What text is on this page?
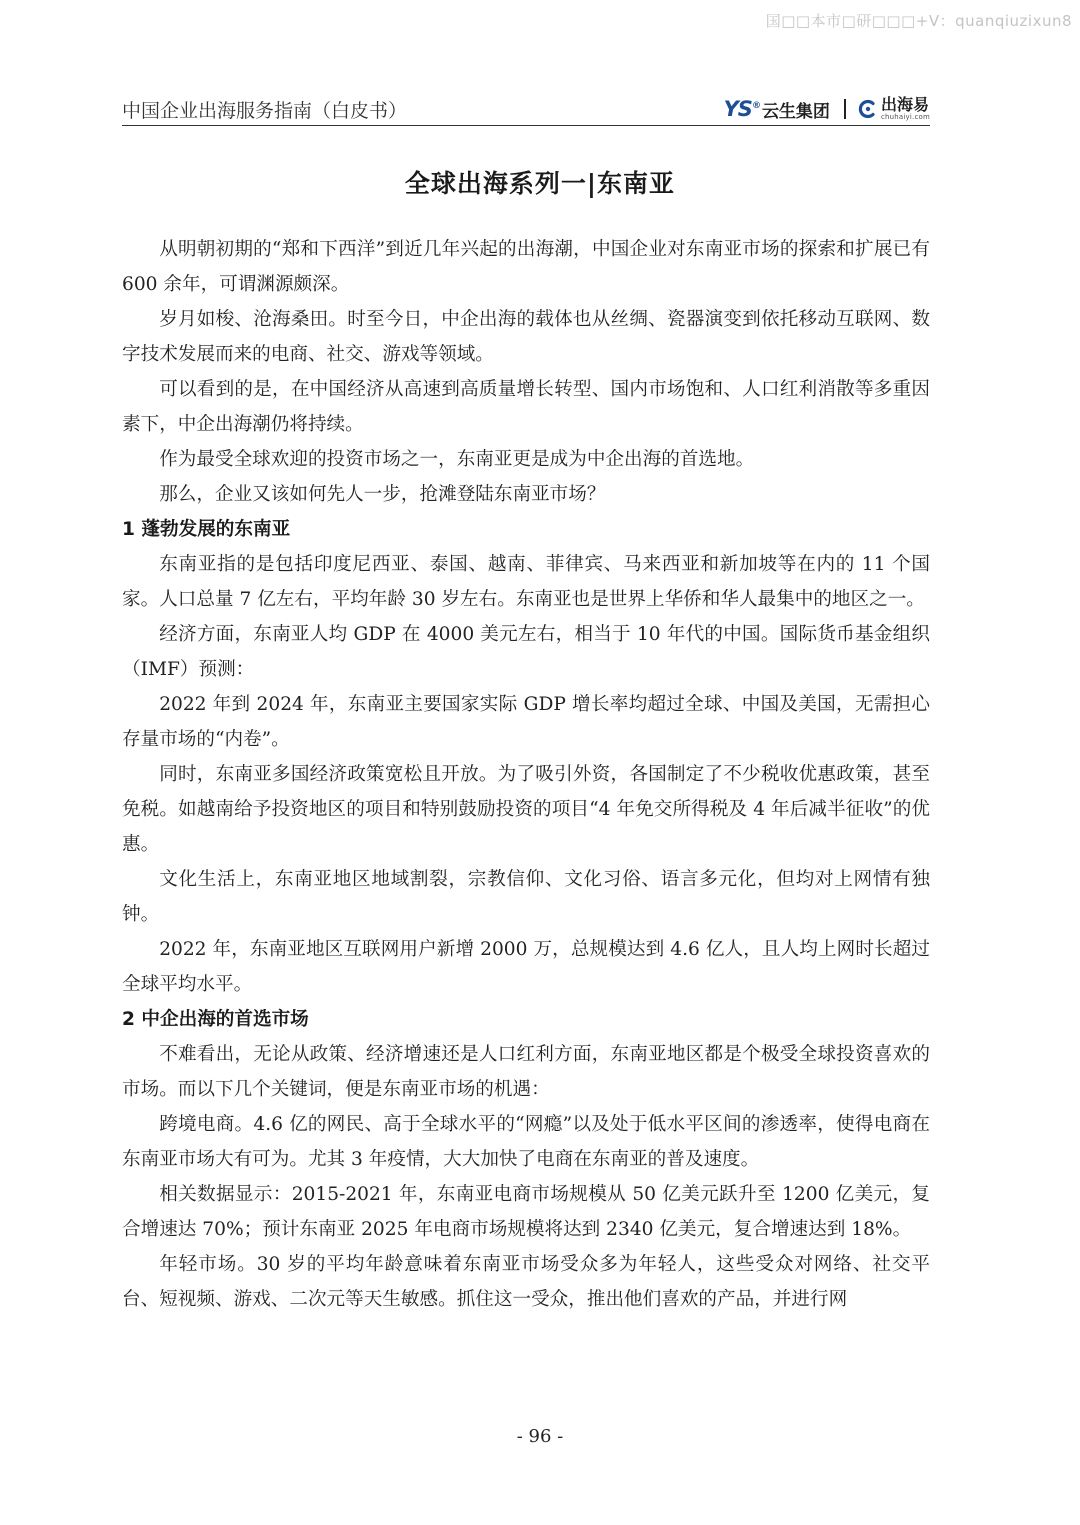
国□□本市□研□□□+V：quanqiuzixun8
中国企业出海服务指南（白皮书）	YS® 云生集团	出海易
chuhaiyi.com
全球出海系列一|东南亚

从明朝初期的“郑和下西洋”到近几年兴起的出海潮，中国企业对东南亚市场的探索和扩展已有 600 余年，可谓渊源颇深。

岁月如梭、沧海桑田。时至今日，中企出海的载体也从丝绸、瓷器演变到依托移动互联网、数字技术发展而来的电商、社交、游戏等领域。

可以看到的是，在中国经济从高速到高质量增长转型、国内市场饱和、人口红利消散等多重因素下，中企出海潮仍将持续。

作为最受全球欢迎的投资市场之一，东南亚更是成为中企出海的首选地。

那么，企业又该如何先人一步，抢滩登陆东南亚市场？

1 蓬勃发展的东南亚

东南亚指的是包括印度尼西亚、泰国、越南、菲律宾、马来西亚和新加坡等在内的 11 个国家。人口总量 7 亿左右，平均年龄 30 岁左右。东南亚也是世界上华侨和华人最集中的地区之一。

经济方面，东南亚人均 GDP 在 4000 美元左右，相当于 10 年代的中国。国际货币基金组织（IMF）预测：

2022 年到 2024 年，东南亚主要国家实际 GDP 增长率均超过全球、中国及美国，无需担心存量市场的“内卷”。

同时，东南亚多国经济政策宽松且开放。为了吸引外资，各国制定了不少税收优惠政策，甚至免税。如越南给予投资地区的项目和特别鼓励投资的项目“4 年免交所得税及 4 年后减半征收”的优惠。

文化生活上，东南亚地区地域割裂，宗教信仰、文化习俗、语言多元化，但均对上网情有独钟。

2022 年，东南亚地区互联网用户新增 2000 万，总规模达到 4.6 亿人，且人均上网时长超过全球平均水平。

2 中企出海的首选市场

不难看出，无论从政策、经济增速还是人口红利方面，东南亚地区都是个极受全球投资喜欢的市场。而以下几个关键词，便是东南亚市场的机遇：

跨境电商。4.6 亿的网民、高于全球水平的“网瘾”以及处于低水平区间的渗透率，使得电商在东南亚市场大有可为。尤其 3 年疫情，大大加快了电商在东南亚的普及速度。

相关数据显示：2015-2021 年，东南亚电商市场规模从 50 亿美元跃升至 1200 亿美元，复合增速达 70%；预计东南亚 2025 年电商市场规模将达到 2340 亿美元，复合增速达到 18%。

年轻市场。30 岁的平均年龄意味着东南亚市场受众多为年轻人，这些受众对网络、社交平台、短视频、游戏、二次元等天生敏感。抓住这一受众，推出他们喜欢的产品，并进行网

- 96 -
